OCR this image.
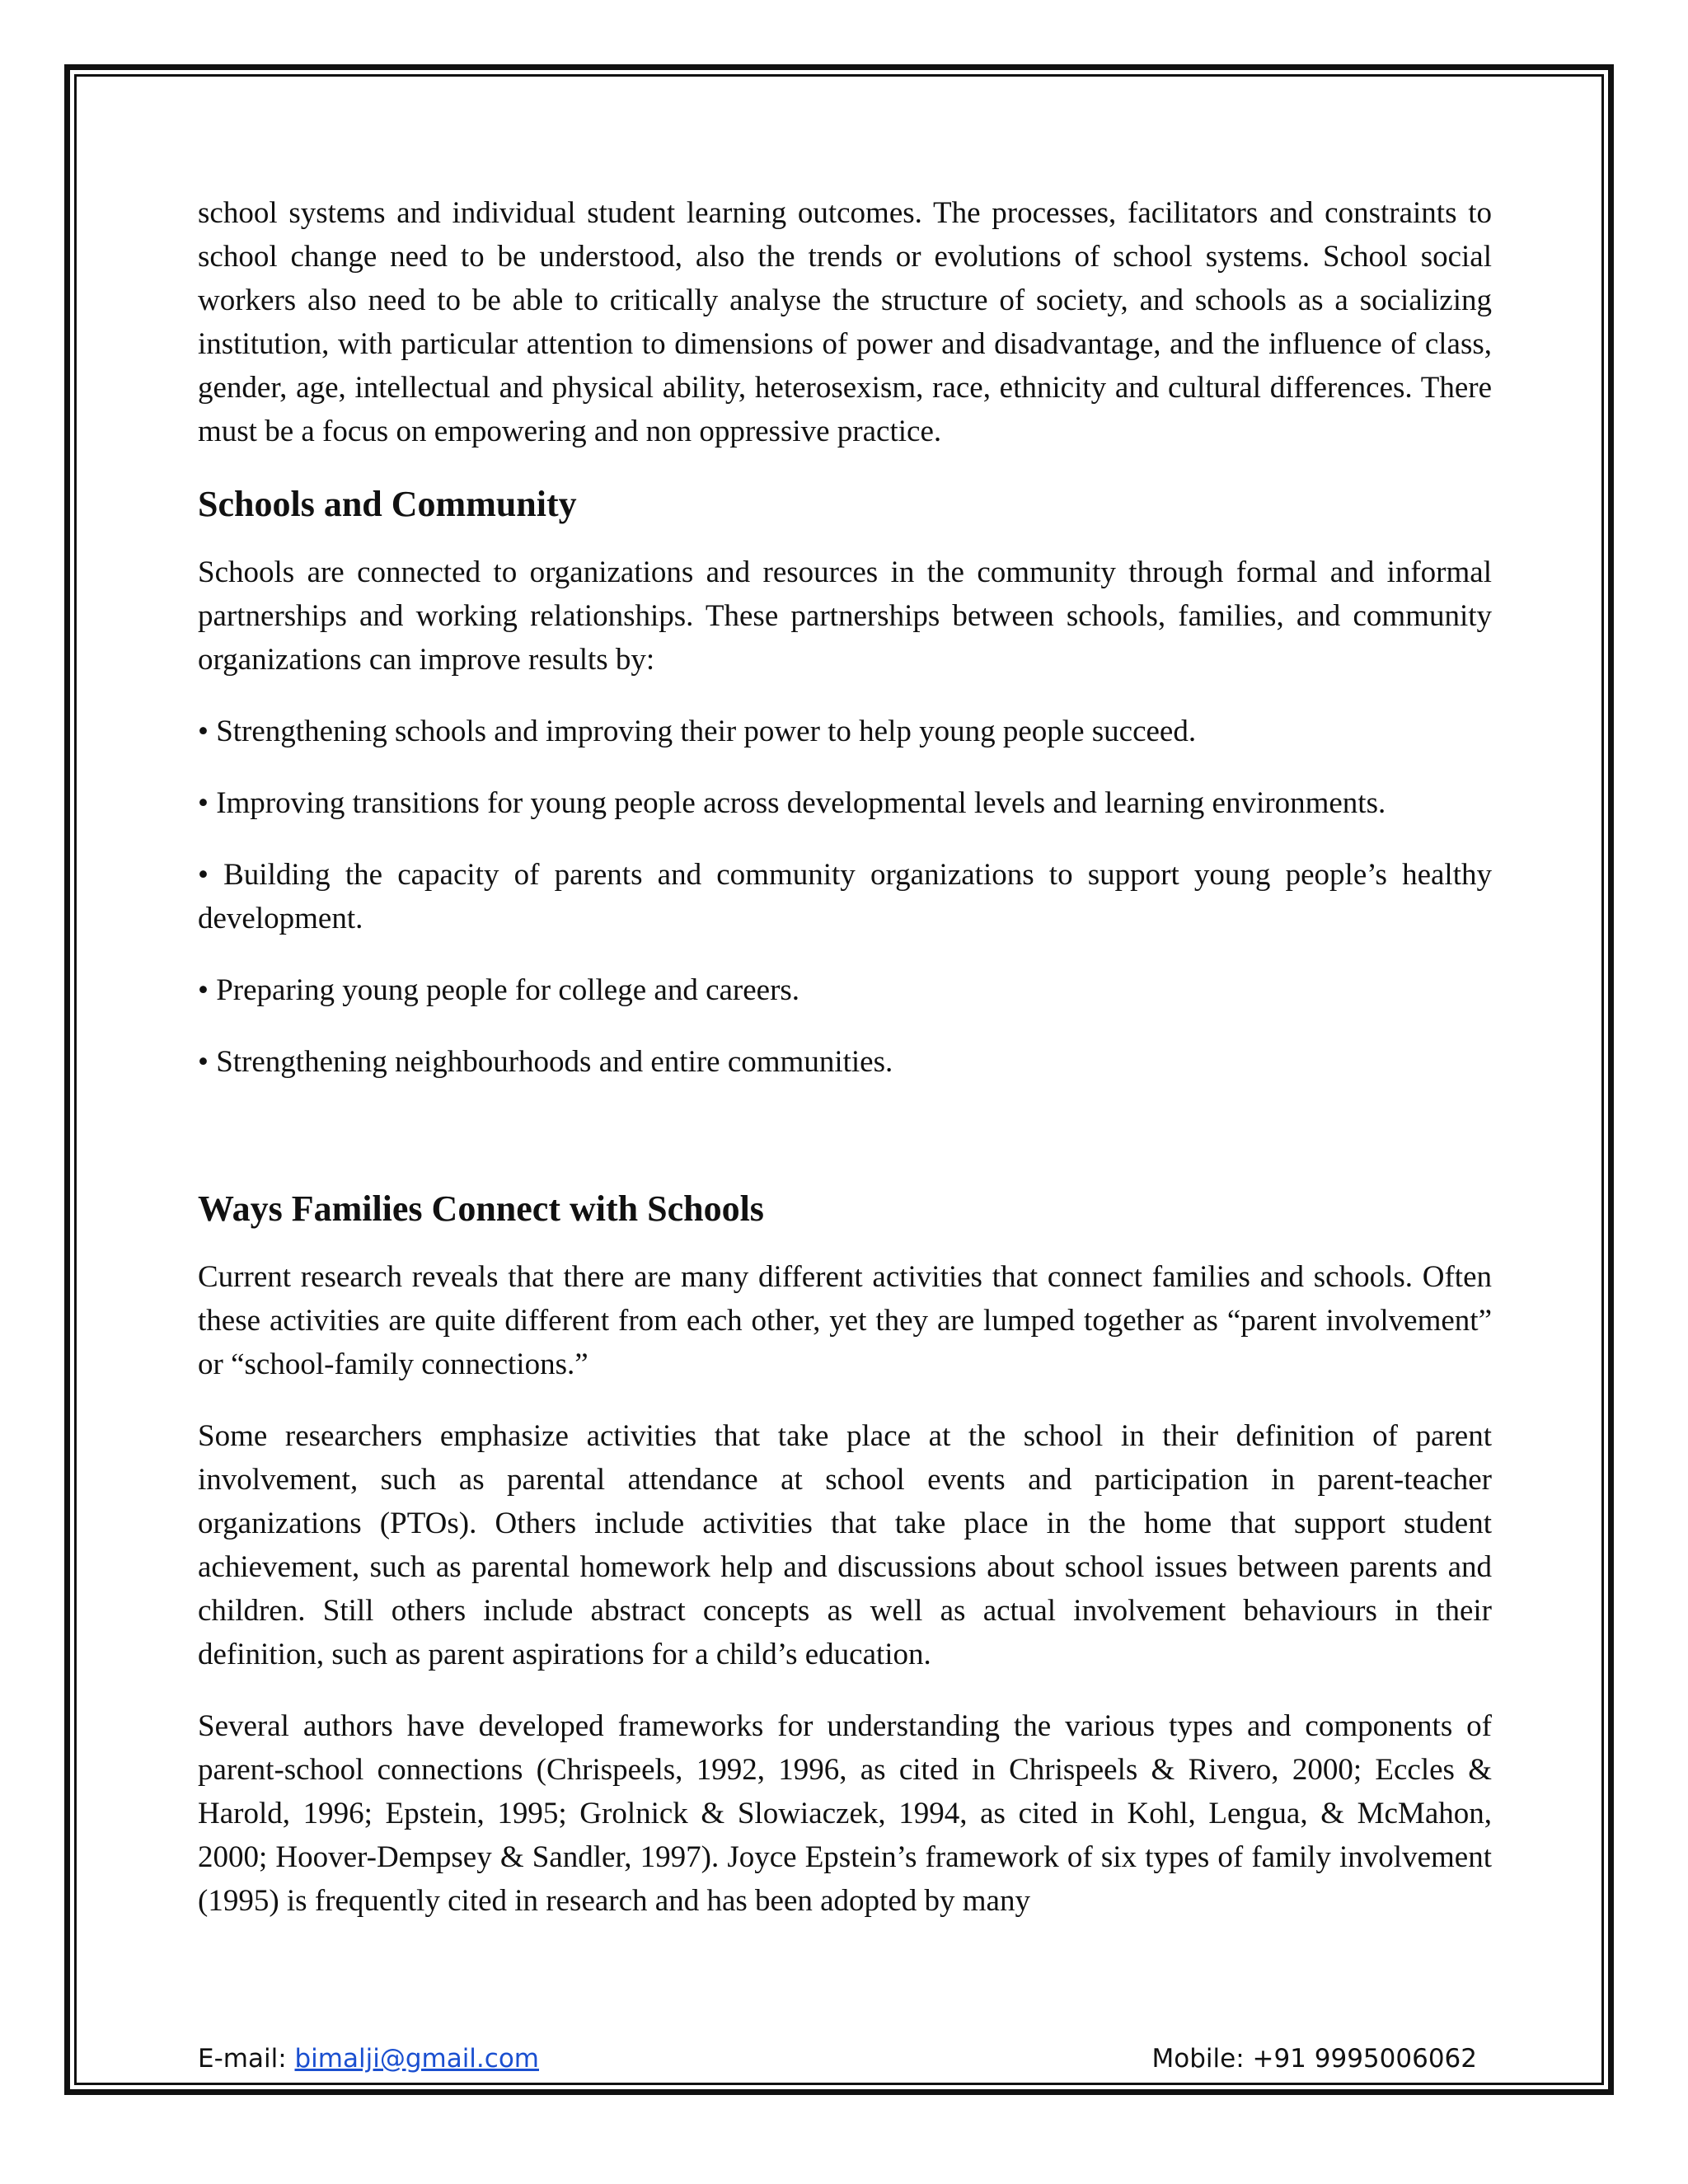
school systems and individual student learning outcomes. The processes, facilitators and constraints to school change need to be understood, also the trends or evolutions of school systems. School social workers also need to be able to critically analyse the structure of society, and schools as a socializing institution, with particular attention to dimensions of power and disadvantage, and the influence of class, gender, age, intellectual and physical ability, heterosexism, race, ethnicity and cultural differences. There must be a focus on empowering and non oppressive practice.

Schools and Community

Schools are connected to organizations and resources in the community through formal and informal partnerships and working relationships. These partnerships between schools, families, and community organizations can improve results by:

• Strengthening schools and improving their power to help young people succeed.

• Improving transitions for young people across developmental levels and learning environments.

• Building the capacity of parents and community organizations to support young people’s healthy development.

• Preparing young people for college and careers.

• Strengthening neighbourhoods and entire communities.

Ways Families Connect with Schools

Current research reveals that there are many different activities that connect families and schools. Often these activities are quite different from each other, yet they are lumped together as “parent involvement” or “school-family connections.”

Some researchers emphasize activities that take place at the school in their definition of parent involvement, such as parental attendance at school events and participation in parent-teacher organizations (PTOs). Others include activities that take place in the home that support student achievement, such as parental homework help and discussions about school issues between parents and children. Still others include abstract concepts as well as actual involvement behaviours in their definition, such as parent aspirations for a child’s education.

Several authors have developed frameworks for understanding the various types and components of parent-school connections (Chrispeels, 1992, 1996, as cited in Chrispeels & Rivero, 2000; Eccles & Harold, 1996; Epstein, 1995; Grolnick & Slowiaczek, 1994, as cited in Kohl, Lengua, & McMahon, 2000; Hoover-Dempsey & Sandler, 1997). Joyce Epstein’s framework of six types of family involvement (1995) is frequently cited in research and has been adopted by many

E-mail: bimalji@gmail.com	Mobile: +91 9995006062
